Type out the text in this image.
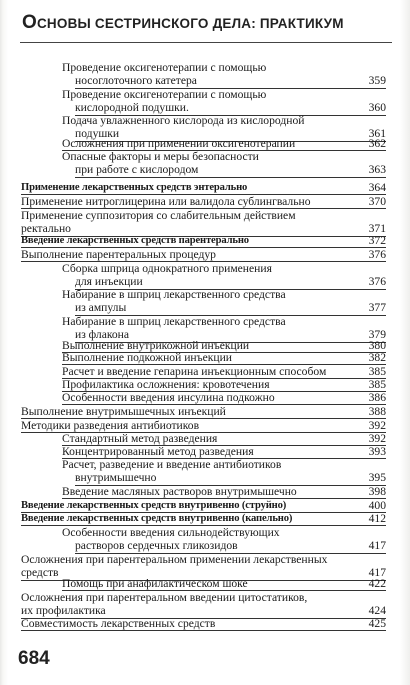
ОСНОВЫ СЕСТРИНСКОГО ДЕЛА: ПРАКТИКУМ
Проведение оксигенотерапии с помощью
носоглоточного катетера	359
Проведение оксигенотерапии с помощью
кислородной подушки.	360
Подача увлажненного кислорода из кислородной
подушки	361
Осложнения при применении оксигенотерапии	362
Опасные факторы и меры безопасности
при работе с кислородом	363
Применение лекарственных средств энтерально	364
Применение нитроглицерина или валидола сублингвально	370
Применение суппозитория со слабительным действием
ректально	371
Введение лекарственных средств парентерально	372
Выполнение парентеральных процедур	376
Сборка шприца однократного применения
для инъекции	376
Набирание в шприц лекарственного средства
из ампулы	377
Набирание в шприц лекарственного средства
из флакона	379
Выполнение внутрикожной инъекции	380
Выполнение подкожной инъекции	382
Расчет и введение гепарина инъекционным способом	385
Профилактика осложнения: кровотечения	385
Особенности введения инсулина подкожно	386
Выполнение внутримышечных инъекций	388
Методики разведения антибиотиков	392
Стандартный метод разведения	392
Концентрированный метод разведения	393
Расчет, разведение и введение антибиотиков
внутримышечно	395
Введение масляных растворов внутримышечно	398
Введение лекарственных средств внутривенно (струйно)	400
Введение лекарственных средств внутривенно (капельно)	412
Особенности введения сильнодействующих
растворов сердечных гликозидов	417
Осложнения при парентеральном применении лекарственных
средств	417
Помощь при анафилактическом шоке	422
Осложнения при парентеральном введении цитостатиков,
их профилактика	424
Совместимость лекарственных средств	425
684
